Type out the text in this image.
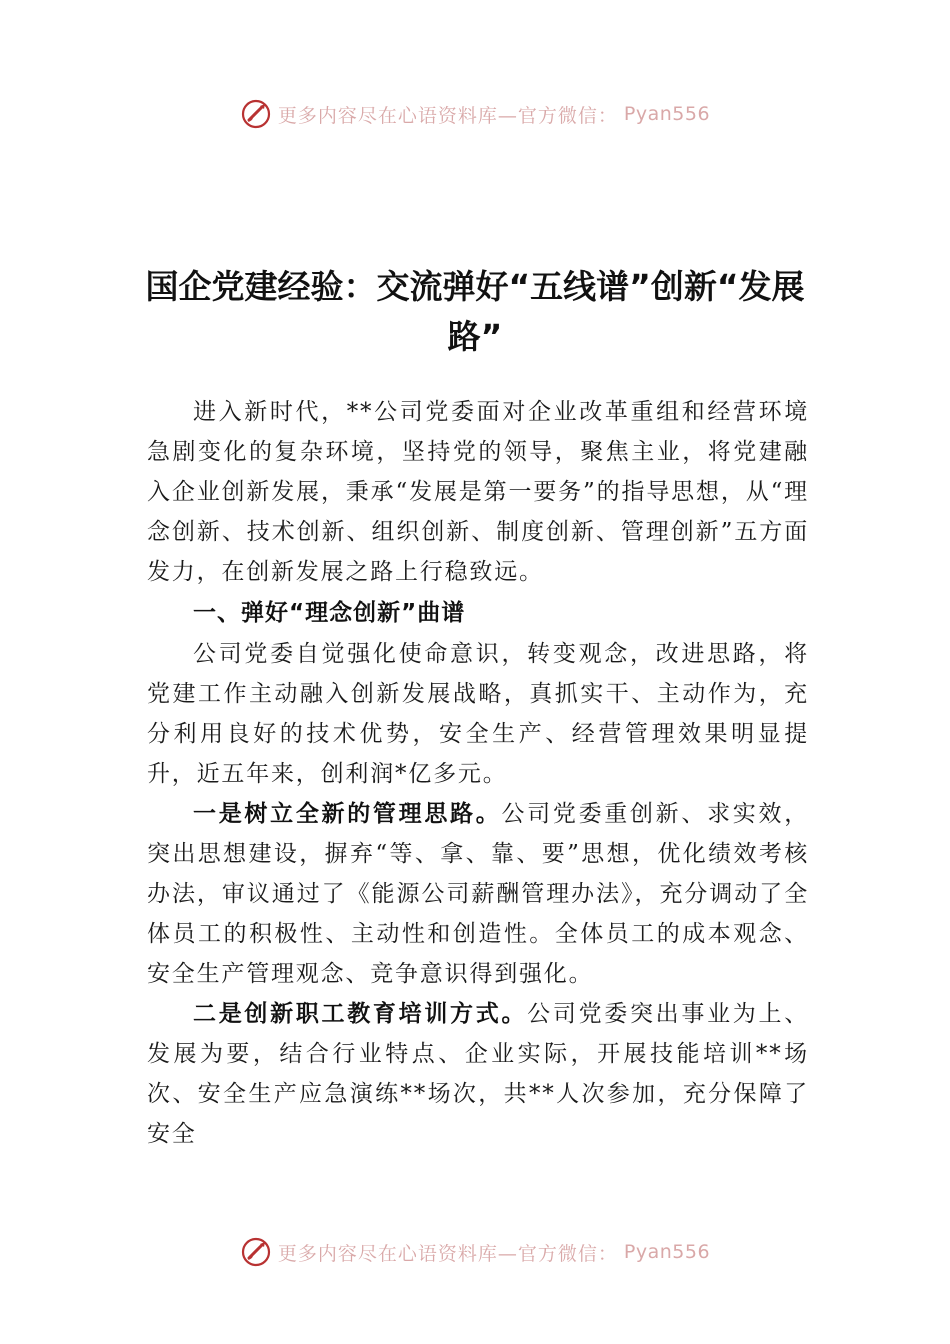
更多内容尽在心语资料库—官方微信： Pyan556
国企党建经验：交流弹好“五线谱”创新“发展路”

进入新时代，**公司党委面对企业改革重组和经营环境急剧变化的复杂环境，坚持党的领导，聚焦主业，将党建融入企业创新发展，秉承“发展是第一要务”的指导思想，从“理念创新、技术创新、组织创新、制度创新、管理创新”五方面发力，在创新发展之路上行稳致远。

一、弹好“理念创新”曲谱

公司党委自觉强化使命意识，转变观念，改进思路，将党建工作主动融入创新发展战略，真抓实干、主动作为，充分利用良好的技术优势，安全生产、经营管理效果明显提升，近五年来，创利润*亿多元。

一是树立全新的管理思路。公司党委重创新、求实效，突出思想建设，摒弃“等、拿、靠、要”思想，优化绩效考核办法，审议通过了《能源公司薪酬管理办法》，充分调动了全体员工的积极性、主动性和创造性。全体员工的成本观念、安全生产管理观念、竞争意识得到强化。

二是创新职工教育培训方式。公司党委突出事业为上、发展为要，结合行业特点、企业实际，开展技能培训**场次、安全生产应急演练**场次，共**人次参加，充分保障了安全

更多内容尽在心语资料库—官方微信： Pyan556
